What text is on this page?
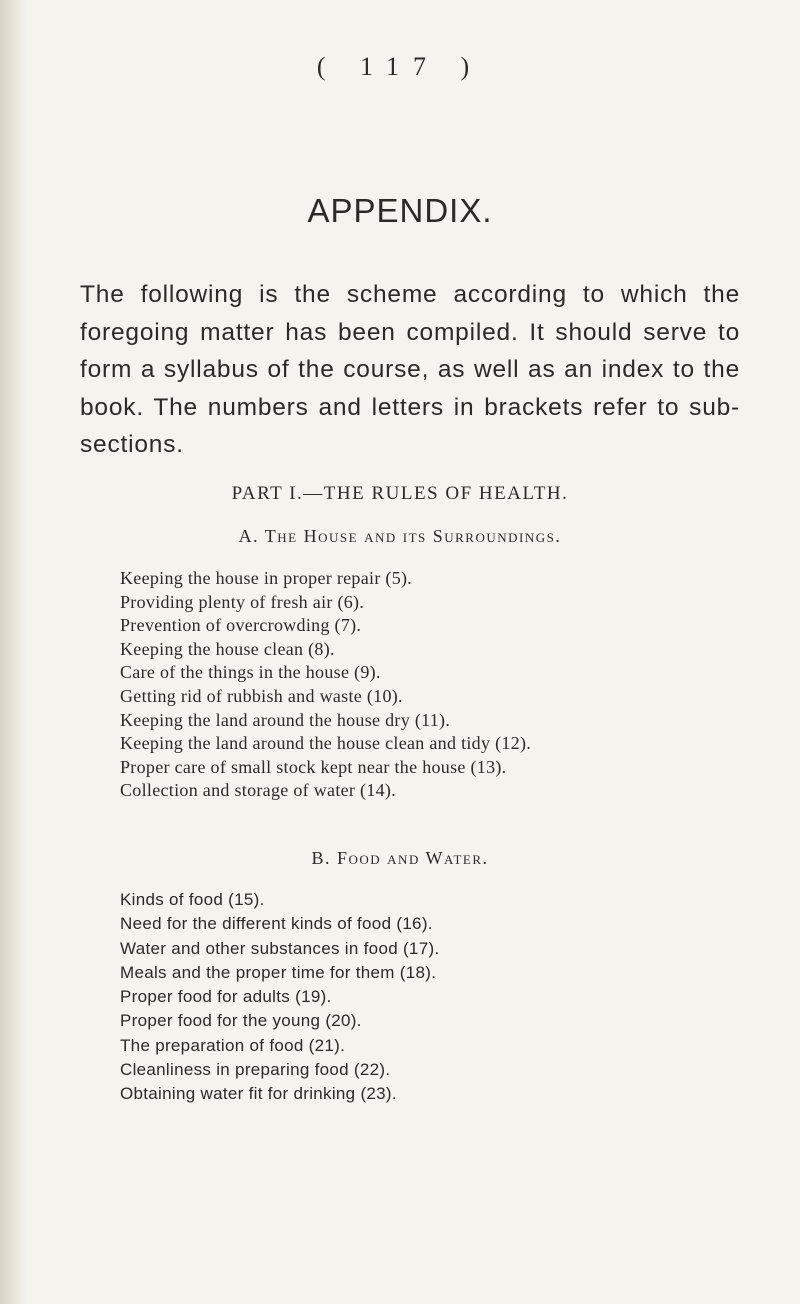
( 117 )
APPENDIX.

The following is the scheme according to which the foregoing matter has been compiled. It should serve to form a syllabus of the course, as well as an index to the book. The numbers and letters in brackets refer to sub-sections.

PART I.—THE RULES OF HEALTH.
A. The House and its Surroundings.
Keeping the house in proper repair (5).
Providing plenty of fresh air (6).
Prevention of overcrowding (7).
Keeping the house clean (8).
Care of the things in the house (9).
Getting rid of rubbish and waste (10).
Keeping the land around the house dry (11).
Keeping the land around the house clean and tidy (12).
Proper care of small stock kept near the house (13).
Collection and storage of water (14).
B. Food and Water.
Kinds of food (15).
Need for the different kinds of food (16).
Water and other substances in food (17).
Meals and the proper time for them (18).
Proper food for adults (19).
Proper food for the young (20).
The preparation of food (21).
Cleanliness in preparing food (22).
Obtaining water fit for drinking (23).
